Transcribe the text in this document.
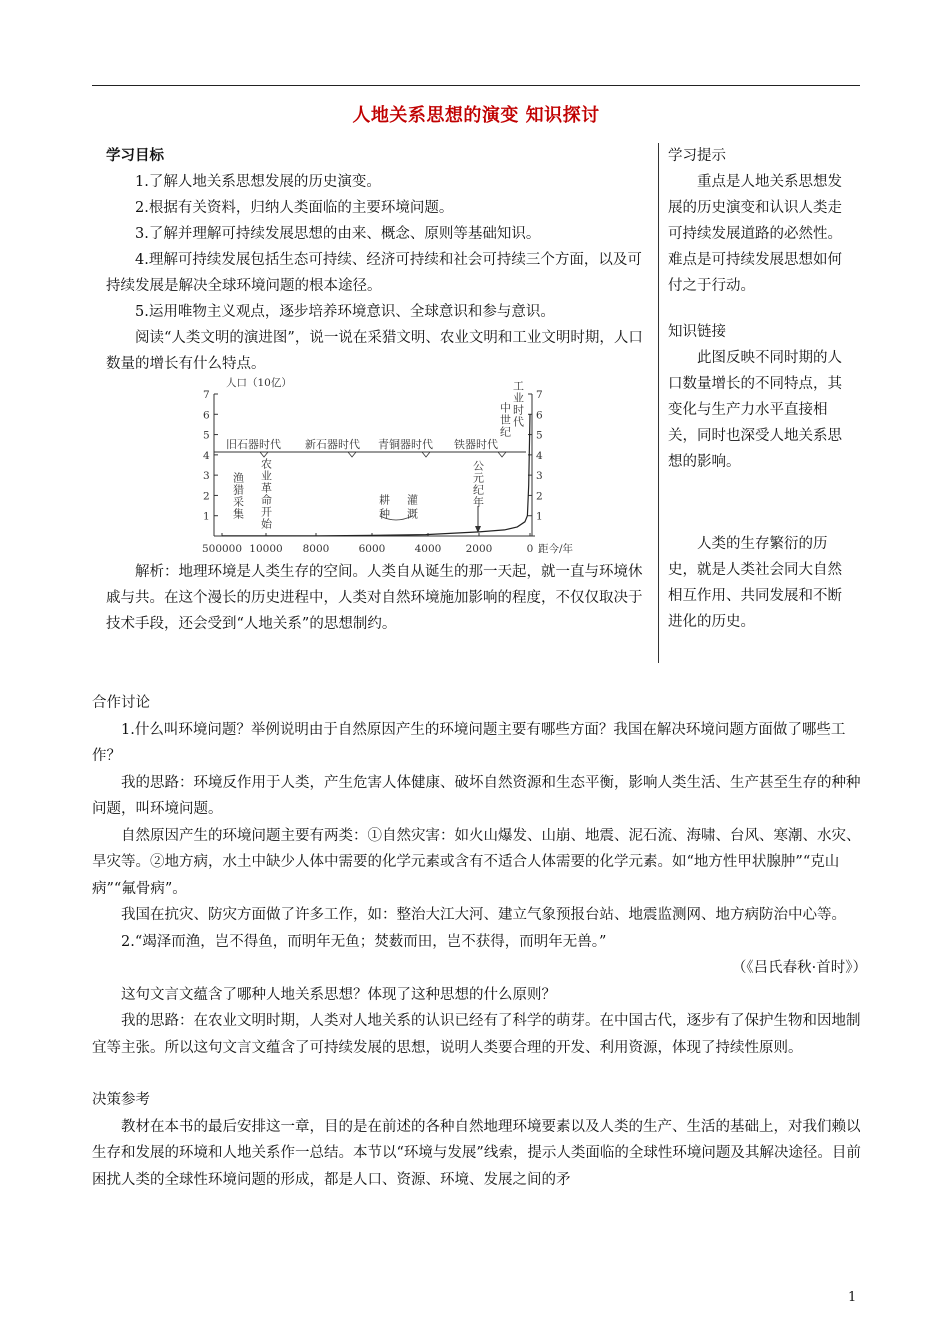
人地关系思想的演变 知识探讨

学习目标

1.了解人地关系思想发展的历史演变。

2.根据有关资料，归纳人类面临的主要环境问题。

3.了解并理解可持续发展思想的由来、概念、原则等基础知识。

4.理解可持续发展包括生态可持续、经济可持续和社会可持续三个方面，以及可持续发展是解决全球环境问题的根本途径。

5.运用唯物主义观点，逐步培养环境意识、全球意识和参与意识。

阅读“人类文明的演进图”，说一说在采猎文明、农业文明和工业文明时期，人口数量的增长有什么特点。

解析：地理环境是人类生存的空间。人类自从诞生的那一天起，就一直与环境休戚与共。在这个漫长的历史进程中，人类对自然环境施加影响的程度，不仅仅取决于技术手段，还会受到“人地关系”的思想制约。

学习提示

重点是人地关系思想发展的历史演变和认识人类走可持续发展道路的必然性。难点是可持续发展思想如何付之于行动。

知识链接

此图反映不同时期的人口数量增长的不同特点，其变化与生产力水平直接相关，同时也深受人地关系思想的影响。

人类的生存繁衍的历史，就是人类社会同大自然相互作用、共同发展和不断进化的历史。

1
2
3
4
5
6
7
1
2
3
4
5
6
7
500000 10000 8000	6000	4000 2000	0
人口（10亿）
距今/年
旧石器时代 新石器时代 青铜器时代 铁器时代
渔猎采集 农业革命开始	耕种 灌溉	公元纪年
中世纪 工业时代

合作讨论

1.什么叫环境问题？举例说明由于自然原因产生的环境问题主要有哪些方面？我国在解决环境问题方面做了哪些工作？

我的思路：环境反作用于人类，产生危害人体健康、破坏自然资源和生态平衡，影响人类生活、生产甚至生存的种种问题，叫环境问题。

自然原因产生的环境问题主要有两类：①自然灾害：如火山爆发、山崩、地震、泥石流、海啸、台风、寒潮、水灾、旱灾等。②地方病，水土中缺少人体中需要的化学元素或含有不适合人体需要的化学元素。如“地方性甲状腺肿”“克山病”“氟骨病”。

我国在抗灾、防灾方面做了许多工作，如：整治大江大河、建立气象预报台站、地震监测网、地方病防治中心等。

2.“竭泽而渔，岂不得鱼，而明年无鱼；焚薮而田，岂不获得，而明年无兽。”

（《吕氏春秋·首时》）

这句文言文蕴含了哪种人地关系思想？体现了这种思想的什么原则？

我的思路：在农业文明时期，人类对人地关系的认识已经有了科学的萌芽。在中国古代，逐步有了保护生物和因地制宜等主张。所以这句文言文蕴含了可持续发展的思想，说明人类要合理的开发、利用资源，体现了持续性原则。

决策参考

教材在本书的最后安排这一章，目的是在前述的各种自然地理环境要素以及人类的生产、生活的基础上，对我们赖以生存和发展的环境和人地关系作一总结。本节以“环境与发展”线索，提示人类面临的全球性环境问题及其解决途径。目前困扰人类的全球性环境问题的形成，都是人口、资源、环境、发展之间的矛

1
